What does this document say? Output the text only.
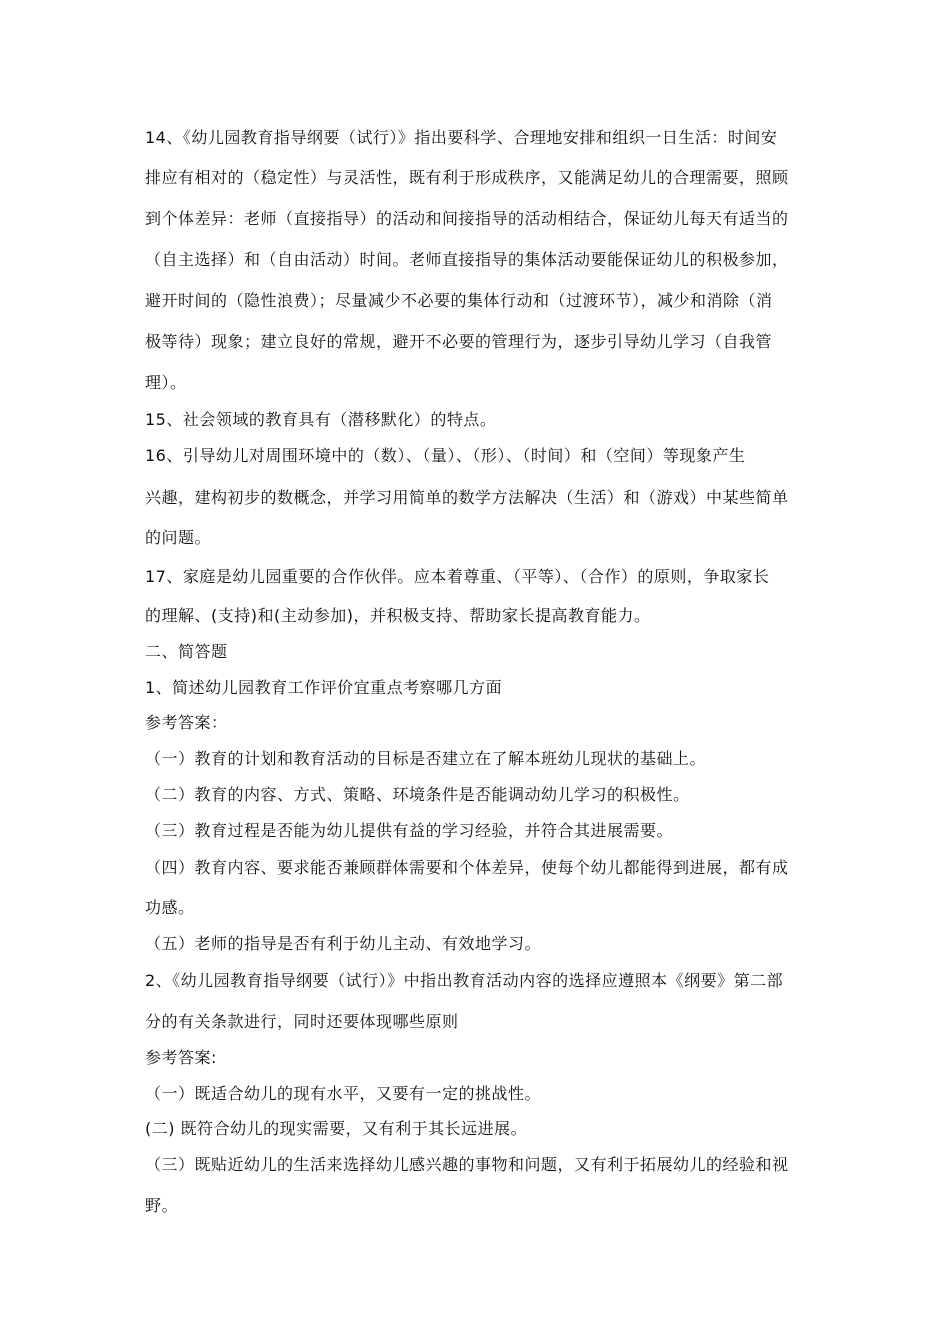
14、《幼儿园教育指导纲要（试行）》指出要科学、合理地安排和组织一日生活：时间安
排应有相对的（稳定性）与灵活性，既有利于形成秩序，又能满足幼儿的合理需要，照顾
到个体差异：老师（直接指导）的活动和间接指导的活动相结合，保证幼儿每天有适当的
（自主选择）和（自由活动）时间。老师直接指导的集体活动要能保证幼儿的积极参加，
避开时间的（隐性浪费）；尽量减少不必要的集体行动和（过渡环节），减少和消除（消
极等待）现象；建立良好的常规，避开不必要的管理行为，逐步引导幼儿学习（自我管
理）。
15、社会领域的教育具有（潜移默化）的特点。
16、引导幼儿对周围环境中的（数）、（量）、（形）、（时间）和（空间）等现象产生
兴趣，建构初步的数概念，并学习用简单的数学方法解决（生活）和（游戏）中某些简单
的问题。
17、家庭是幼儿园重要的合作伙伴。应本着尊重、（平等）、（合作）的原则，争取家长
的理解、(支持)和(主动参加)，并积极支持、帮助家长提高教育能力。
二、简答题
1、简述幼儿园教育工作评价宜重点考察哪几方面
参考答案：
（一）教育的计划和教育活动的目标是否建立在了解本班幼儿现状的基础上。
（二）教育的内容、方式、策略、环境条件是否能调动幼儿学习的积极性。
（三）教育过程是否能为幼儿提供有益的学习经验，并符合其进展需要。
（四）教育内容、要求能否兼顾群体需要和个体差异，使每个幼儿都能得到进展，都有成
功感。
（五）老师的指导是否有利于幼儿主动、有效地学习。
2、《幼儿园教育指导纲要（试行）》中指出教育活动内容的选择应遵照本《纲要》第二部
分的有关条款进行，同时还要体现哪些原则
参考答案:
（一）既适合幼儿的现有水平，又要有一定的挑战性。
(二) 既符合幼儿的现实需要，又有利于其长远进展。
（三）既贴近幼儿的生活来选择幼儿感兴趣的事物和问题，又有利于拓展幼儿的经验和视
野。
